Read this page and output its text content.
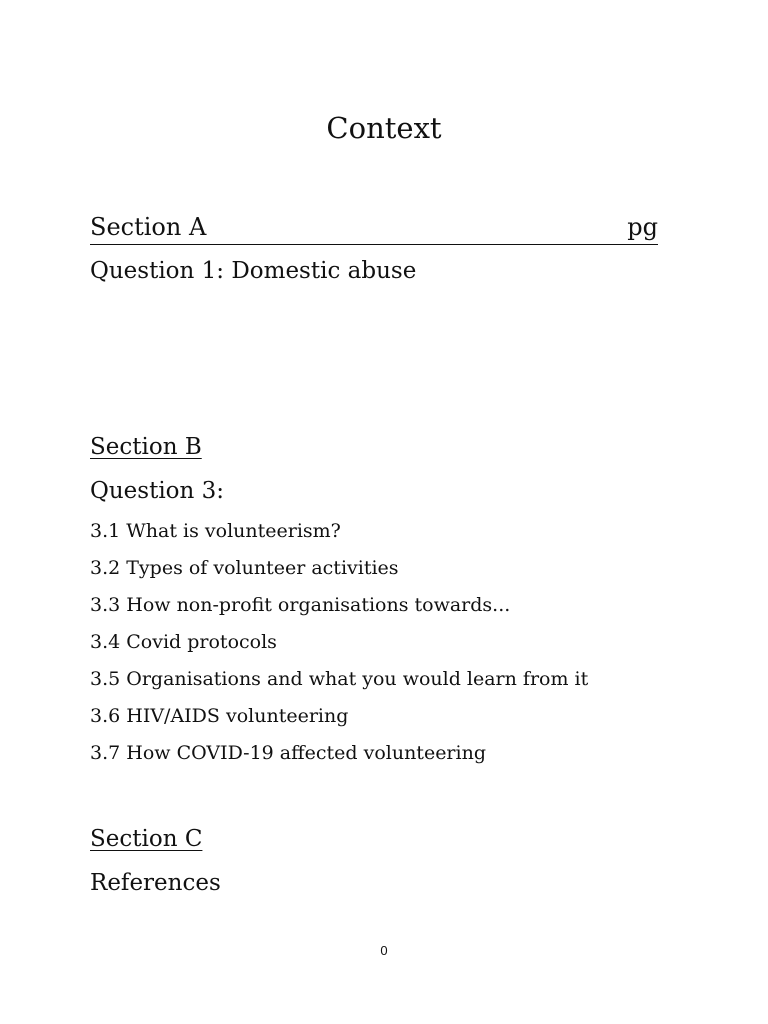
Context
Section A	pg
Question 1: Domestic abuse
Section B
Question 3:
3.1 What is volunteerism?
3.2 Types of volunteer activities
3.3 How non-profit organisations towards...
3.4 Covid protocols
3.5 Organisations and what you would learn from it
3.6 HIV/AIDS volunteering
3.7 How COVID-19 affected volunteering
Section C
References
0
